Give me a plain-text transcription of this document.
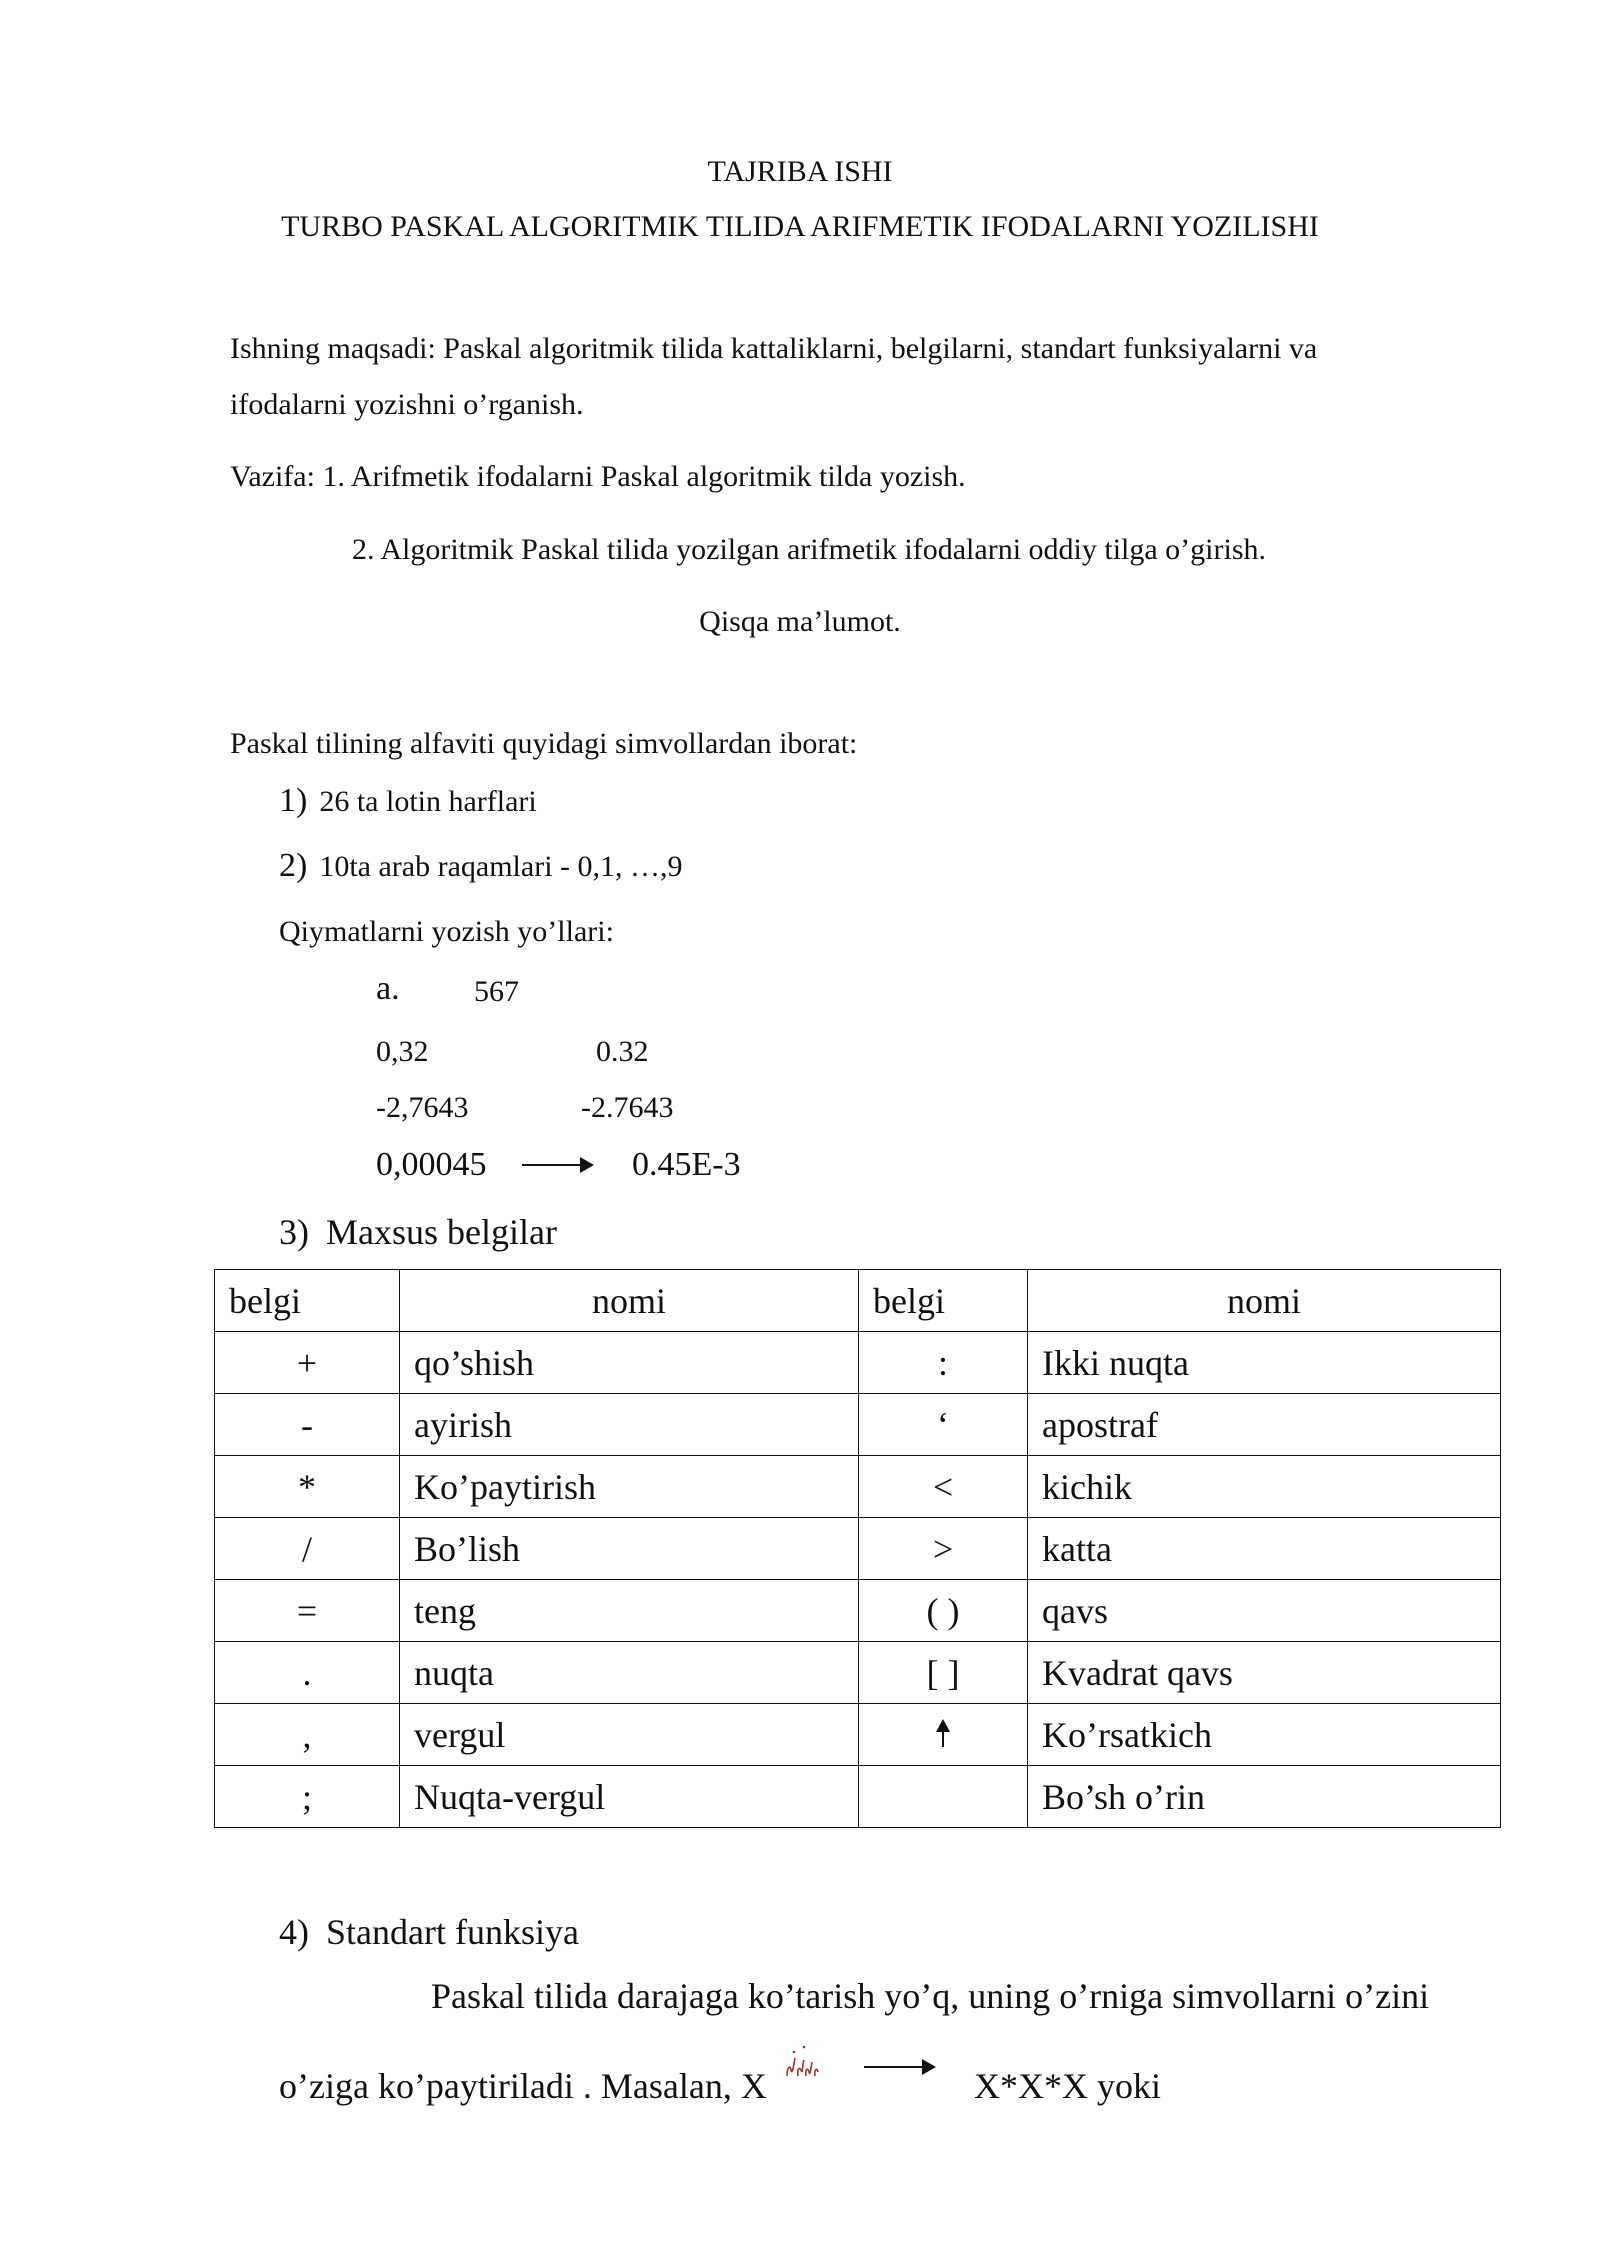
TAJRIBA ISHI
TURBO PASKAL ALGORITMIK TILIDA ARIFMETIK IFODALARNI YOZILISHI
Ishning maqsadi: Paskal algoritmik tilida kattaliklarni, belgilarni, standart funksiyalarni va
ifodalarni yozishni o’rganish.
Vazifa: 1. Arifmetik ifodalarni Paskal algoritmik tilda yozish.
2. Algoritmik Paskal tilida yozilgan arifmetik ifodalarni oddiy tilga o’girish.
Qisqa ma’lumot.
Paskal tilining alfaviti quyidagi simvollardan iborat:
1) 26 ta lotin harflari
2) 10ta arab raqamlari - 0,1, …,9
Qiymatlarni yozish yo’llari:
a. 567
0,32	0.32
-2,7643	-2.7643
0,00045	0.45E-3
3) Maxsus belgilar
belgi	nomi	belgi	nomi
+	qo’shish	:	Ikki nuqta
-	ayirish	‘	apostraf
*	Ko’paytirish	<	kichik
/	Bo’lish	>	katta
=	teng	( )	qavs
.	nuqta	[ ]	Kvadrat qavs
,	vergul		Ko’rsatkich
;	Nuqta-vergul		Bo’sh o’rin
4) Standart funksiya
Paskal tilida darajaga ko’tarish yo’q, uning o’rniga simvollarni o’zini
o’ziga ko’paytiriladi . Masalan, X	X*X*X yoki
